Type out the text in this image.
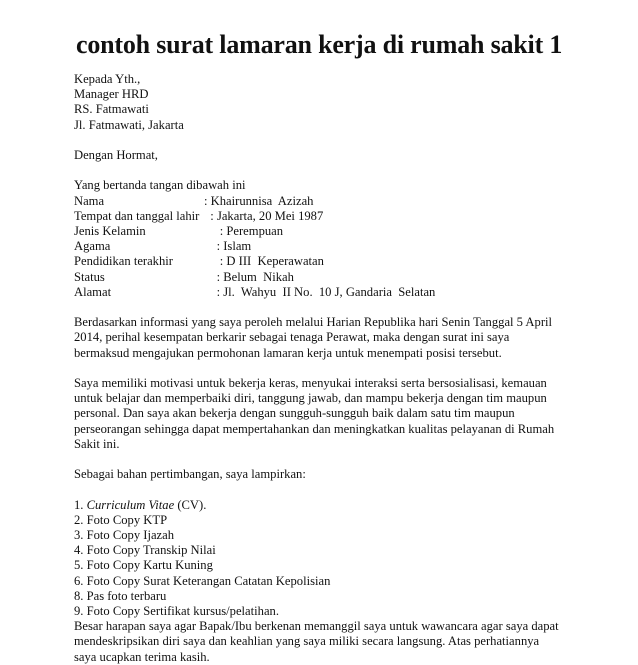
contoh surat lamaran kerja di rumah sakit 1
Kepada Yth.,
Manager HRD
RS. Fatmawati
Jl. Fatmawati, Jakarta
Dengan Hormat,
Yang bertanda tangan dibawah ini
Nama	: Khairunnisa  Azizah
Tempat dan tanggal lahir : Jakarta, 20 Mei 1987
Jenis Kelamin	: Perempuan
Agama	: Islam
Pendidikan terakhir	: D III  Keperawatan
Status	: Belum  Nikah
Alamat	: Jl.  Wahyu  II No.  10 J, Gandaria  Selatan
Berdasarkan informasi yang saya peroleh melalui Harian Republika hari Senin Tanggal 5 April
2014, perihal kesempatan berkarir sebagai tenaga Perawat, maka dengan surat ini saya
bermaksud mengajukan permohonan lamaran kerja untuk menempati posisi tersebut.
Saya memiliki motivasi untuk bekerja keras, menyukai interaksi serta bersosialisasi, kemauan
untuk belajar dan memperbaiki diri, tanggung jawab, dan mampu bekerja dengan tim maupun
personal. Dan saya akan bekerja dengan sungguh-sungguh baik dalam satu tim maupun
perseorangan sehingga dapat mempertahankan dan meningkatkan kualitas pelayanan di Rumah
Sakit ini.
Sebagai bahan pertimbangan, saya lampirkan:
1. Curriculum Vitae (CV).
2. Foto Copy KTP
3. Foto Copy Ijazah
4. Foto Copy Transkip Nilai
5. Foto Copy Kartu Kuning
6. Foto Copy Surat Keterangan Catatan Kepolisian
8. Pas foto terbaru
9. Foto Copy Sertifikat kursus/pelatihan.
Besar harapan saya agar Bapak/Ibu berkenan memanggil saya untuk wawancara agar saya dapat
mendeskripsikan diri saya dan keahlian yang saya miliki secara langsung. Atas perhatiannya
saya ucapkan terima kasih.
